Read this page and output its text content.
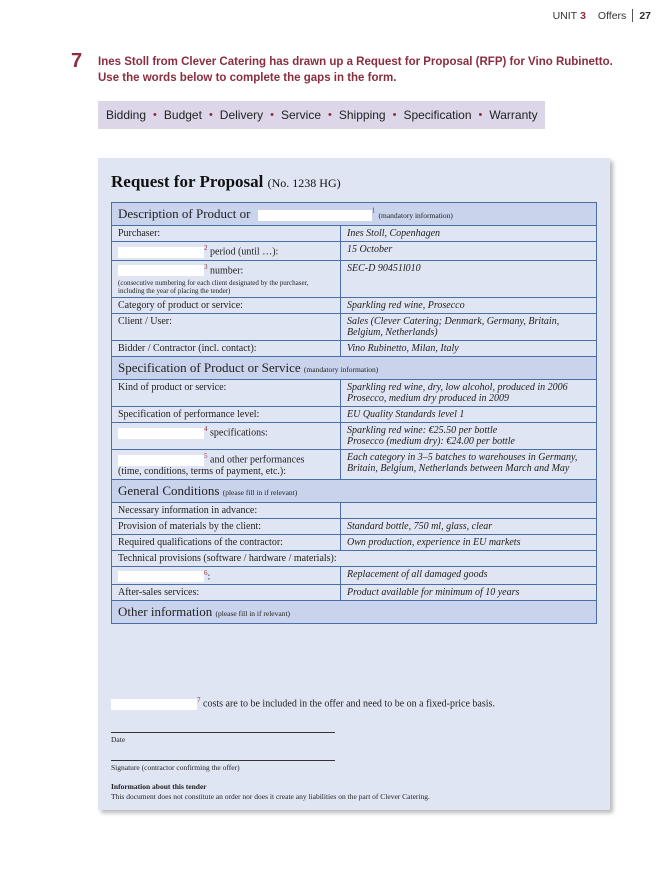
UNIT 3 Offers 27
7 Ines Stoll from Clever Catering has drawn up a Request for Proposal (RFP) for Vino Rubinetto. Use the words below to complete the gaps in the form.
Bidding • Budget • Delivery • Service • Shipping • Specification • Warranty
Request for Proposal (No. 1238 HG)
Description of Product or $^1$ (mandatory information)	
Purchaser:	Ines Stoll, Copenhagen
$^2$ period (until …):	15 October
$^3$ number:
(consecutive numbering for each client designated by the purchaser, including the year of placing the tender)	SEC-D 90451l010
Category of product or service:	Sparkling red wine, Prosecco
Client / User:	Sales (Clever Catering; Denmark, Germany, Britain, Belgium, Netherlands)
Bidder / Contractor (incl. contact):	Vino Rubinetto, Milan, Italy
Specification of Product or Service (mandatory information)	
Kind of product or service:	Sparkling red wine, dry, low alcohol, produced in 2006
Prosecco, medium dry produced in 2009

Specification of performance level:	EU Quality Standards level 1
$^4$ specifications:	Sparkling red wine: €25.50 per bottle
Prosecco (medium dry): €24.00 per bottle

$^5$ and other performances
(time, conditions, terms of payment, etc.):	Each category in 3–5 batches to warehouses in Germany, Britain, Belgium, Netherlands between March and May
General Conditions (please fill in if relevant)	
Necessary information in advance:	
Provision of materials by the client:	Standard bottle, 750 ml, glass, clear
Required qualifications of the contractor:	Own production, experience in EU markets
Technical provisions (software / hardware / materials):	
$^6$:	Replacement of all damaged goods
After-sales services:	Product available for minimum of 10 years
Other information (please fill in if relevant)	
$^7$ costs are to be included in the offer and need to be on a fixed-price basis.
Date
Signature (contractor confirming the offer)
Information about this tender
This document does not constitute an order nor does it create any liabilities on the part of Clever Catering.
